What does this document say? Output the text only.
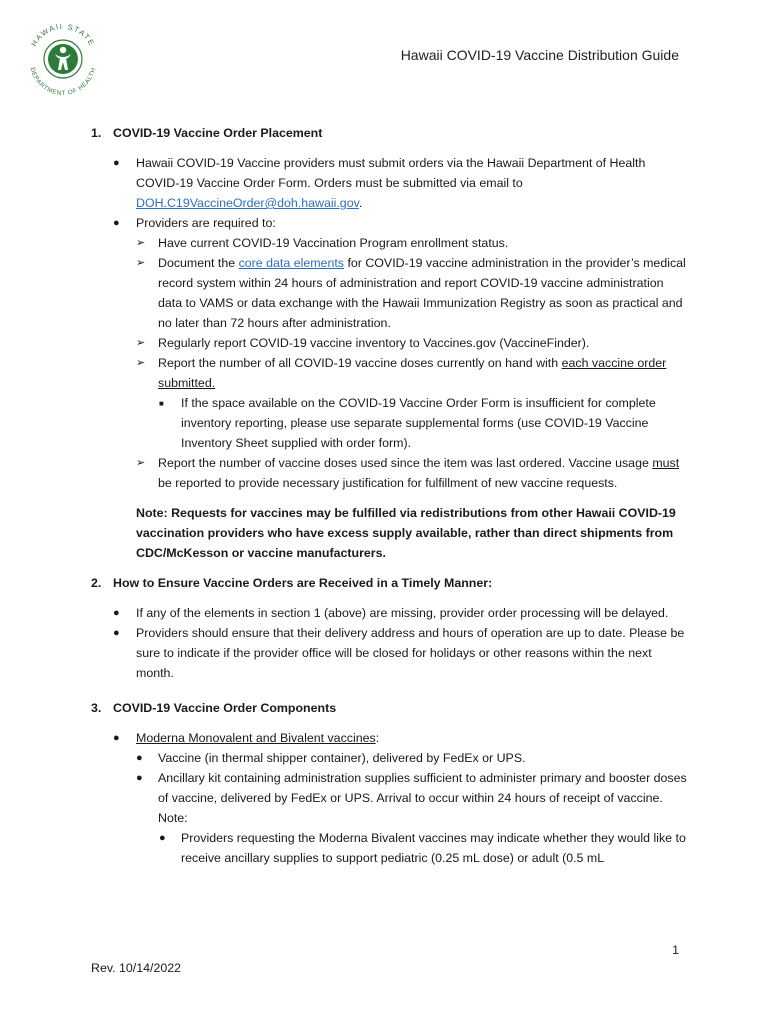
HAWAII STATE
DEPARTMENT OF HEALTH
Hawaii COVID-19 Vaccine Distribution Guide
1. COVID-19 Vaccine Order Placement
● Hawaii COVID-19 Vaccine providers must submit orders via the Hawaii Department of Health COVID-19 Vaccine Order Form. Orders must be submitted via email to DOH.C19VaccineOrder@doh.hawaii.gov.
● Providers are required to:
➢ Have current COVID-19 Vaccination Program enrollment status.
➢ Document the core data elements for COVID-19 vaccine administration in the provider’s medical record system within 24 hours of administration and report COVID-19 vaccine administration data to VAMS or data exchange with the Hawaii Immunization Registry as soon as practical and no later than 72 hours after administration.
➢ Regularly report COVID-19 vaccine inventory to Vaccines.gov (VaccineFinder).
➢ Report the number of all COVID-19 vaccine doses currently on hand with each vaccine order submitted.
■ If the space available on the COVID-19 Vaccine Order Form is insufficient for complete inventory reporting, please use separate supplemental forms (use COVID-19 Vaccine Inventory Sheet supplied with order form).
➢ Report the number of vaccine doses used since the item was last ordered. Vaccine usage must be reported to provide necessary justification for fulfillment of new vaccine requests.
Note: Requests for vaccines may be fulfilled via redistributions from other Hawaii COVID-19 vaccination providers who have excess supply available, rather than direct shipments from CDC/McKesson or vaccine manufacturers.
2. How to Ensure Vaccine Orders are Received in a Timely Manner:
● If any of the elements in section 1 (above) are missing, provider order processing will be delayed.
● Providers should ensure that their delivery address and hours of operation are up to date. Please be sure to indicate if the provider office will be closed for holidays or other reasons within the next month.
3. COVID-19 Vaccine Order Components
● Moderna Monovalent and Bivalent vaccines:
● Vaccine (in thermal shipper container), delivered by FedEx or UPS.
● Ancillary kit containing administration supplies sufficient to administer primary and booster doses of vaccine, delivered by FedEx or UPS. Arrival to occur within 24 hours of receipt of vaccine. Note:
● Providers requesting the Moderna Bivalent vaccines may indicate whether they would like to receive ancillary supplies to support pediatric (0.25 mL dose) or adult (0.5 mL
1
Rev. 10/14/2022
